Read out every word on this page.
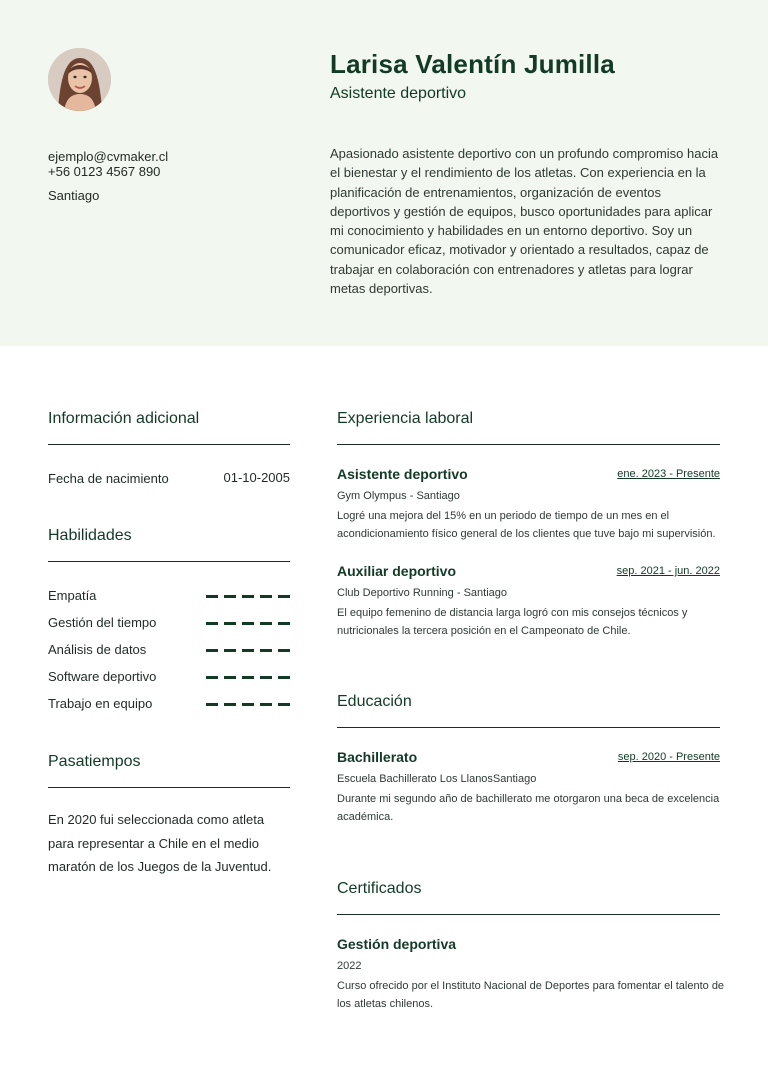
Larisa Valentín Jumilla
Asistente deportivo
ejemplo@cvmaker.cl
+56 0123 4567 890
Santiago
Apasionado asistente deportivo con un profundo compromiso hacia el bienestar y el rendimiento de los atletas. Con experiencia en la planificación de entrenamientos, organización de eventos deportivos y gestión de equipos, busco oportunidades para aplicar mi conocimiento y habilidades en un entorno deportivo. Soy un comunicador eficaz, motivador y orientado a resultados, capaz de trabajar en colaboración con entrenadores y atletas para lograr metas deportivas.
Información adicional
Fecha de nacimiento	01-10-2005
Habilidades
Empatía
Gestión del tiempo
Análisis de datos
Software deportivo
Trabajo en equipo
Pasatiempos
En 2020 fui seleccionada como atleta para representar a Chile en el medio maratón de los Juegos de la Juventud.
Experiencia laboral
Asistente deportivo	ene. 2023 - Presente
Gym Olympus - Santiago
Logré una mejora del 15% en un periodo de tiempo de un mes en el acondicionamiento físico general de los clientes que tuve bajo mi supervisión.
Auxiliar deportivo	sep. 2021 - jun. 2022
Club Deportivo Running - Santiago
El equipo femenino de distancia larga logró con mis consejos técnicos y nutricionales la tercera posición en el Campeonato de Chile.
Educación
Bachillerato	sep. 2020 - Presente
Escuela Bachillerato Los LlanosSantiago
Durante mi segundo año de bachillerato me otorgaron una beca de excelencia académica.
Certificados
Gestión deportiva
2022
Curso ofrecido por el Instituto Nacional de Deportes para fomentar el talento de los atletas chilenos.
